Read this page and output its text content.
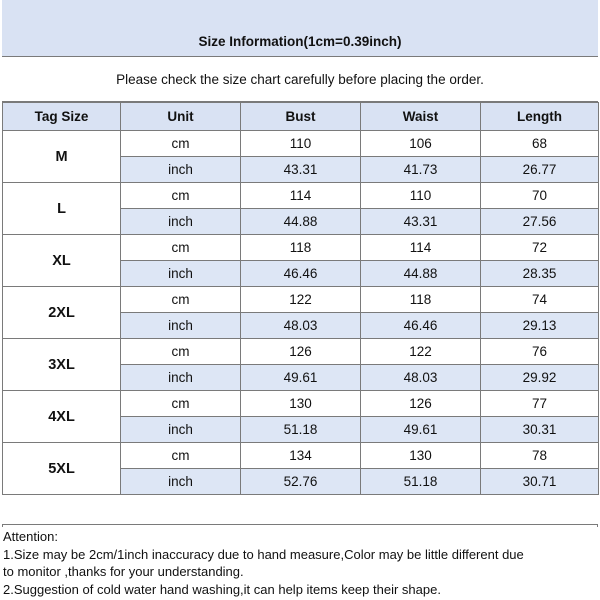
Size Information(1cm=0.39inch)
Please check the size chart carefully before placing the order.
Tag Size	Unit	Bust	Waist	Length
M	cm	110	106	68
	inch	43.31	41.73	26.77
L	cm	114	110	70
	inch	44.88	43.31	27.56
XL	cm	118	114	72
	inch	46.46	44.88	28.35
2XL	cm	122	118	74
	inch	48.03	46.46	29.13
3XL	cm	126	122	76
	inch	49.61	48.03	29.92
4XL	cm	130	126	77
	inch	51.18	49.61	30.31
5XL	cm	134	130	78
	inch	52.76	51.18	30.71
Attention:
1.Size may be 2cm/1inch inaccuracy due to hand measure,Color may be little different due
to monitor ,thanks for your understanding.
2.Suggestion of cold water hand washing,it can help items keep their shape.
